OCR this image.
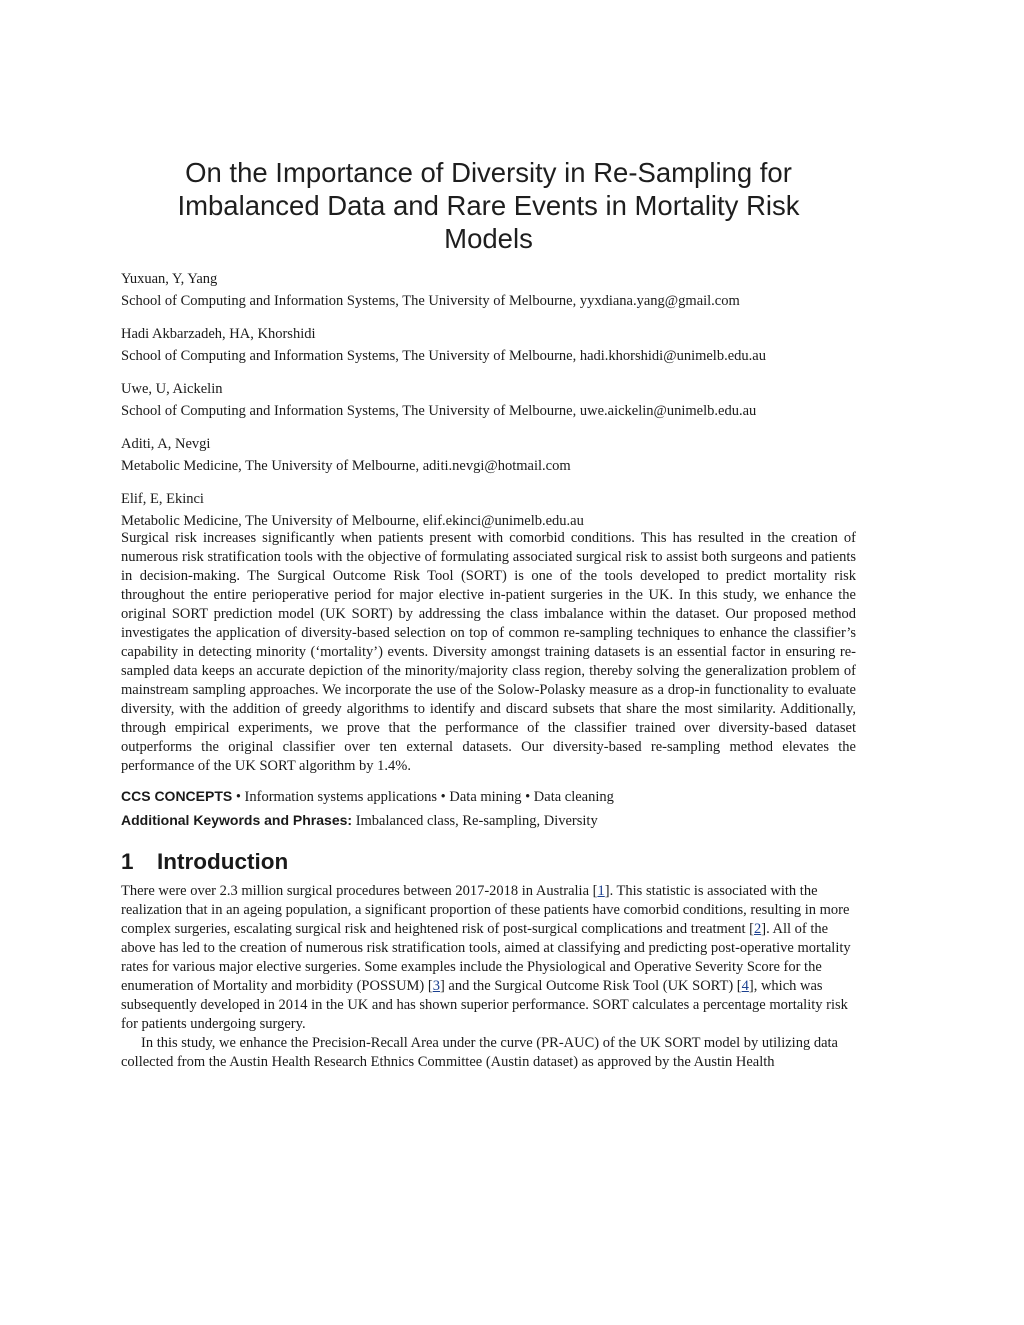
On the Importance of Diversity in Re-Sampling for
Imbalanced Data and Rare Events in Mortality Risk
Models
Yuxuan, Y, Yang
School of Computing and Information Systems, The University of Melbourne, yyxdiana.yang@gmail.com
Hadi Akbarzadeh, HA, Khorshidi
School of Computing and Information Systems, The University of Melbourne, hadi.khorshidi@unimelb.edu.au
Uwe, U, Aickelin
School of Computing and Information Systems, The University of Melbourne, uwe.aickelin@unimelb.edu.au
Aditi, A, Nevgi
Metabolic Medicine, The University of Melbourne, aditi.nevgi@hotmail.com
Elif, E, Ekinci
Metabolic Medicine, The University of Melbourne, elif.ekinci@unimelb.edu.au

Surgical risk increases significantly when patients present with comorbid conditions. This has resulted in the creation of numerous risk stratification tools with the objective of formulating associated surgical risk to assist both surgeons and patients in decision-making. The Surgical Outcome Risk Tool (SORT) is one of the tools developed to predict mortality risk throughout the entire perioperative period for major elective in-patient surgeries in the UK. In this study, we enhance the original SORT prediction model (UK SORT) by addressing the class imbalance within the dataset. Our proposed method investigates the application of diversity-based selection on top of common re-sampling techniques to enhance the classifier’s capability in detecting minority (‘mortality’) events. Diversity amongst training datasets is an essential factor in ensuring re-sampled data keeps an accurate depiction of the minority/majority class region, thereby solving the generalization problem of mainstream sampling approaches. We incorporate the use of the Solow-Polasky measure as a drop-in functionality to evaluate diversity, with the addition of greedy algorithms to identify and discard subsets that share the most similarity. Additionally, through empirical experiments, we prove that the performance of the classifier trained over diversity-based dataset outperforms the original classifier over ten external datasets. Our diversity-based re-sampling method elevates the performance of the UK SORT algorithm by 1.4%.

CCS CONCEPTS • Information systems applications • Data mining • Data cleaning
Additional Keywords and Phrases: Imbalanced class, Re-sampling, Diversity
1 Introduction

There were over 2.3 million surgical procedures between 2017-2018 in Australia [1]. This statistic is associated with the realization that in an ageing population, a significant proportion of these patients have comorbid conditions, resulting in more complex surgeries, escalating surgical risk and heightened risk of post-surgical complications and treatment [2]. All of the above has led to the creation of numerous risk stratification tools, aimed at classifying and predicting post-operative mortality rates for various major elective surgeries. Some examples include the Physiological and Operative Severity Score for the enumeration of Mortality and morbidity (POSSUM) [3] and the Surgical Outcome Risk Tool (UK SORT) [4], which was subsequently developed in 2014 in the UK and has shown superior performance. SORT calculates a percentage mortality risk for patients undergoing surgery.

In this study, we enhance the Precision-Recall Area under the curve (PR-AUC) of the UK SORT model by utilizing data collected from the Austin Health Research Ethnics Committee (Austin dataset) as approved by the Austin Health
